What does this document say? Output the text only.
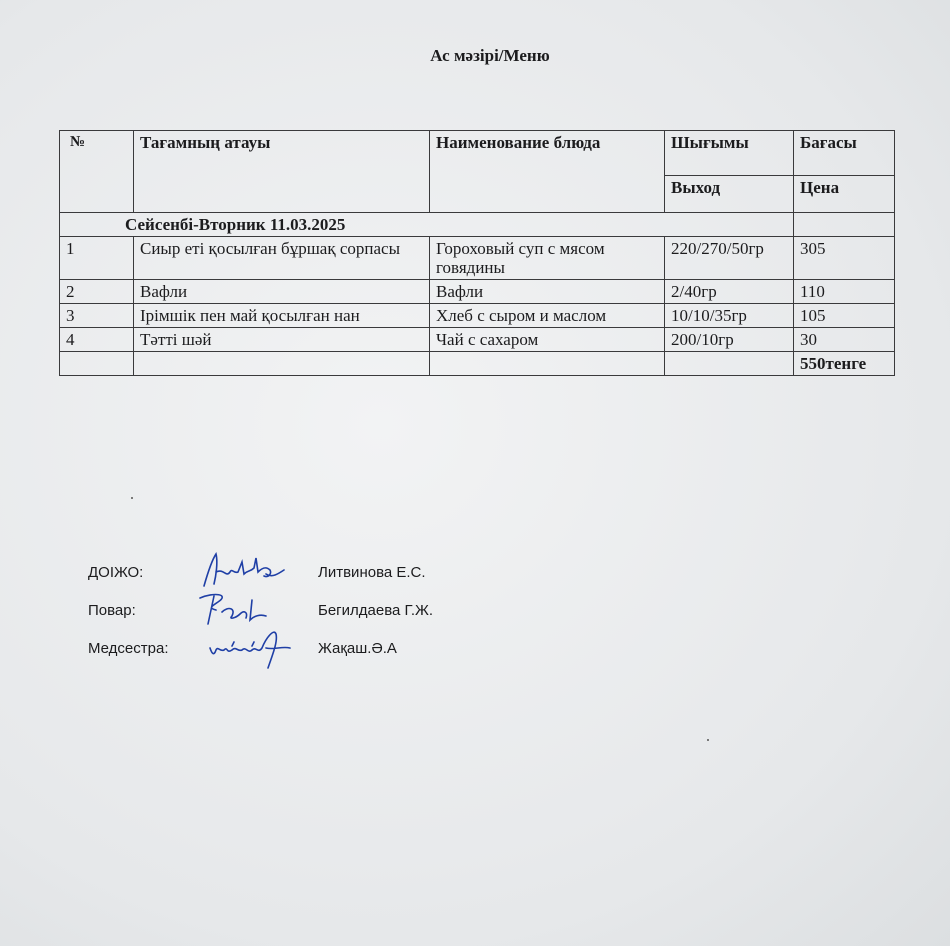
Ас мәзірі/Меню
№	Тағамның атауы	Наименование блюда	Шығымы	Бағасы
			Выход	Цена
Сейсенбі-Вторник 11.03.2025				
1	Сиыр еті қосылған бұршақ сорпасы	Гороховый суп с мясом говядины	220/270/50гр	305
2	Вафли	Вафли	2/40гр	110
3	Ірімшік пен май қосылған нан	Хлеб с сыром и маслом	10/10/35гр	105
4	Тәтті шәй	Чай с сахаром	200/10гр	30
				550тенге
ДОІЖО:	Литвинова Е.С.
Повар:	Бегилдаева Г.Ж.
Медсестра:	Жақаш.Ә.А
